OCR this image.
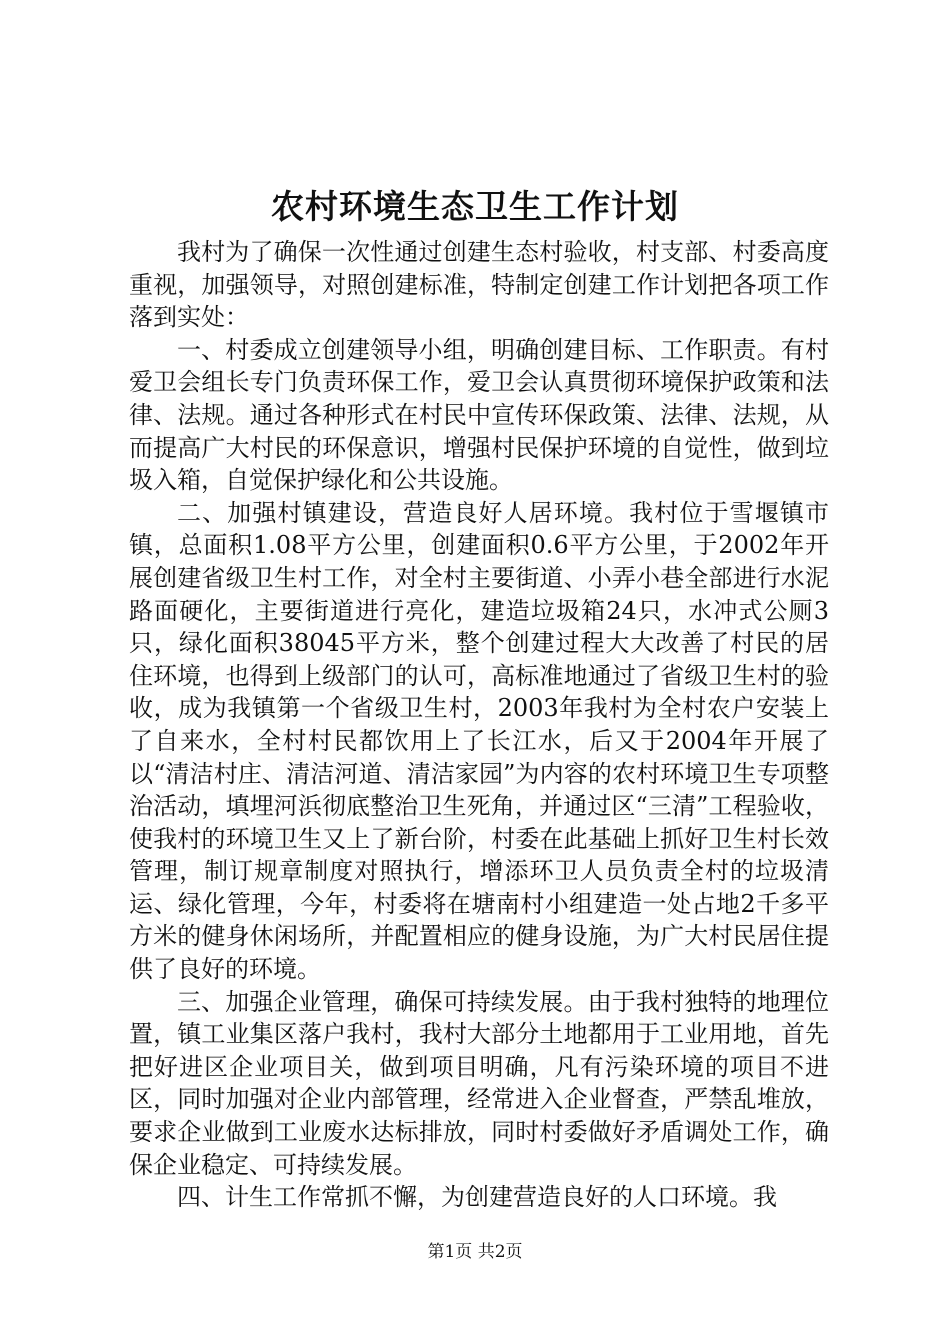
农村环境生态卫生工作计划

我村为了确保一次性通过创建生态村验收，村支部、村委高度重视，加强领导，对照创建标准，特制定创建工作计划把各项工作落到实处：

一、村委成立创建领导小组，明确创建目标、工作职责。有村爱卫会组长专门负责环保工作，爱卫会认真贯彻环境保护政策和法律、法规。通过各种形式在村民中宣传环保政策、法律、法规，从而提高广大村民的环保意识，增强村民保护环境的自觉性，做到垃圾入箱，自觉保护绿化和公共设施。

二、加强村镇建设，营造良好人居环境。我村位于雪堰镇市镇，总面积1.08平方公里，创建面积0.6平方公里，于2002年开展创建省级卫生村工作，对全村主要街道、小弄小巷全部进行水泥路面硬化，主要街道进行亮化，建造垃圾箱24只，水冲式公厕3只，绿化面积38045平方米，整个创建过程大大改善了村民的居住环境，也得到上级部门的认可，高标准地通过了省级卫生村的验收，成为我镇第一个省级卫生村，2003年我村为全村农户安装上了自来水，全村村民都饮用上了长江水，后又于2004年开展了以“清洁村庄、清洁河道、清洁家园”为内容的农村环境卫生专项整治活动，填埋河浜彻底整治卫生死角，并通过区“三清”工程验收，使我村的环境卫生又上了新台阶，村委在此基础上抓好卫生村长效管理，制订规章制度对照执行，增添环卫人员负责全村的垃圾清运、绿化管理，今年，村委将在塘南村小组建造一处占地2千多平方米的健身休闲场所，并配置相应的健身设施，为广大村民居住提供了良好的环境。

三、加强企业管理，确保可持续发展。由于我村独特的地理位置，镇工业集区落户我村，我村大部分土地都用于工业用地，首先把好进区企业项目关，做到项目明确，凡有污染环境的项目不进区，同时加强对企业内部管理，经常进入企业督查，严禁乱堆放，要求企业做到工业废水达标排放，同时村委做好矛盾调处工作，确保企业稳定、可持续发展。

四、计生工作常抓不懈，为创建营造良好的人口环境。我

第1页 共2页
